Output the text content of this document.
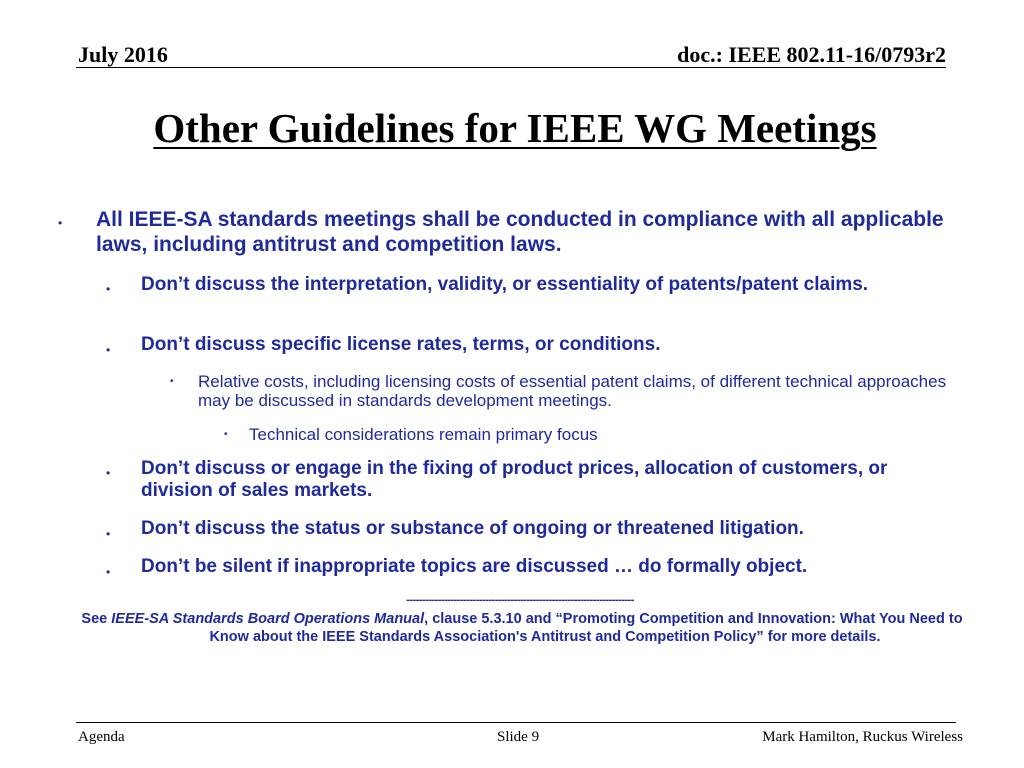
July 2016	doc.: IEEE 802.11-16/0793r2
Other Guidelines for IEEE WG Meetings
• All IEEE-SA standards meetings shall be conducted in compliance with all applicable laws, including antitrust and competition laws.
• Don’t discuss the interpretation, validity, or essentiality of patents/patent claims.
• Don’t discuss specific license rates, terms, or conditions.
• Relative costs, including licensing costs of essential patent claims, of different technical approaches may be discussed in standards development meetings.
• Technical considerations remain primary focus
• Don’t discuss or engage in the fixing of product prices, allocation of customers, or division of sales markets.
• Don’t discuss the status or substance of ongoing or threatened litigation.
• Don’t be silent if inappropriate topics are discussed … do formally object.
------------------------------------------------------------------------
See IEEE-SA Standards Board Operations Manual, clause 5.3.10 and “Promoting Competition and Innovation: What You Need to Know about the IEEE Standards Association's Antitrust and Competition Policy” for more details.
Agenda	Slide 9	Mark Hamilton, Ruckus Wireless
